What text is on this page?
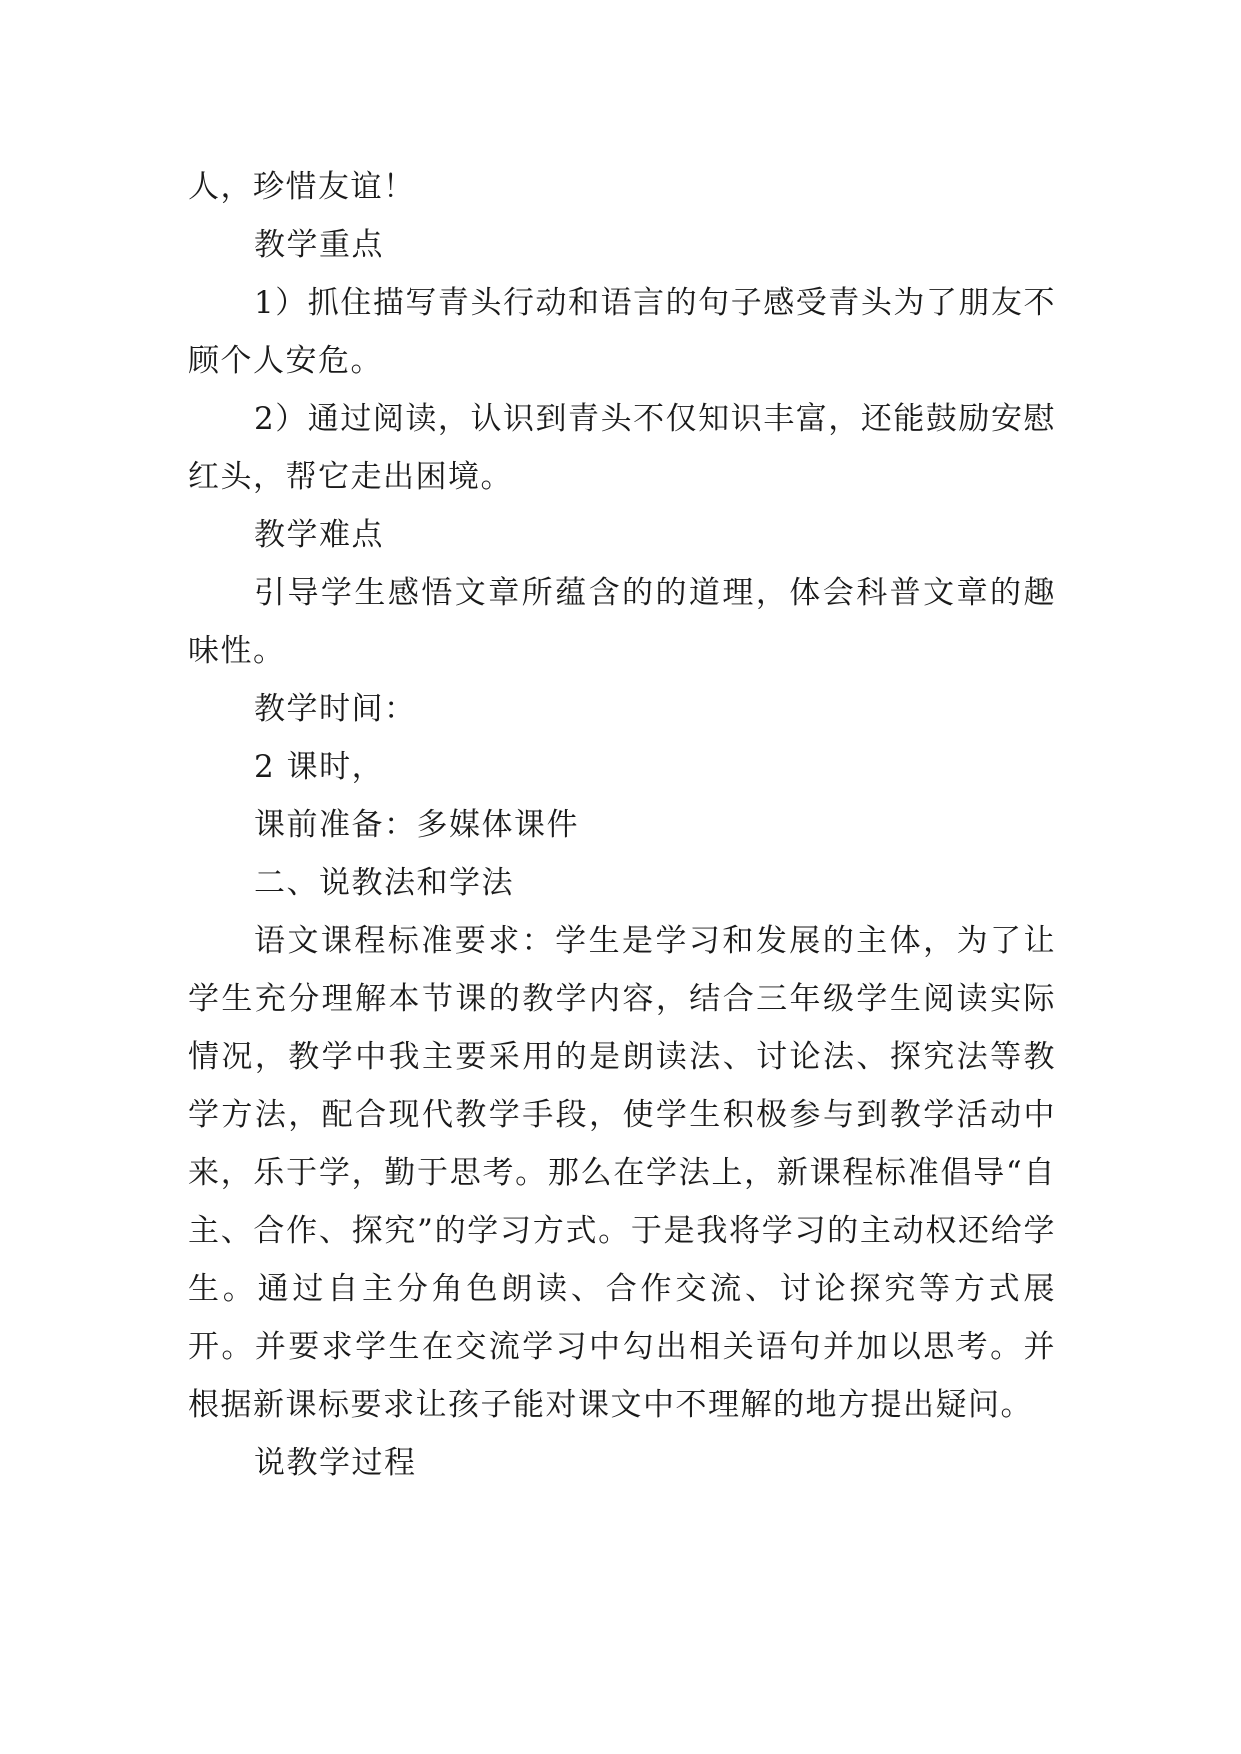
人，珍惜友谊！

教学重点

1）抓住描写青头行动和语言的句子感受青头为了朋友不顾个人安危。

2）通过阅读，认识到青头不仅知识丰富，还能鼓励安慰红头，帮它走出困境。

教学难点

引导学生感悟文章所蕴含的的道理，体会科普文章的趣味性。

教学时间：

2 课时，

课前准备：多媒体课件

二、说教法和学法

语文课程标准要求：学生是学习和发展的主体，为了让学生充分理解本节课的教学内容，结合三年级学生阅读实际情况，教学中我主要采用的是朗读法、讨论法、探究法等教学方法，配合现代教学手段，使学生积极参与到教学活动中来，乐于学，勤于思考。那么在学法上，新课程标准倡导“自主、合作、探究”的学习方式。于是我将学习的主动权还给学生。通过自主分角色朗读、合作交流、讨论探究等方式展开。并要求学生在交流学习中勾出相关语句并加以思考。并根据新课标要求让孩子能对课文中不理解的地方提出疑问。

说教学过程
